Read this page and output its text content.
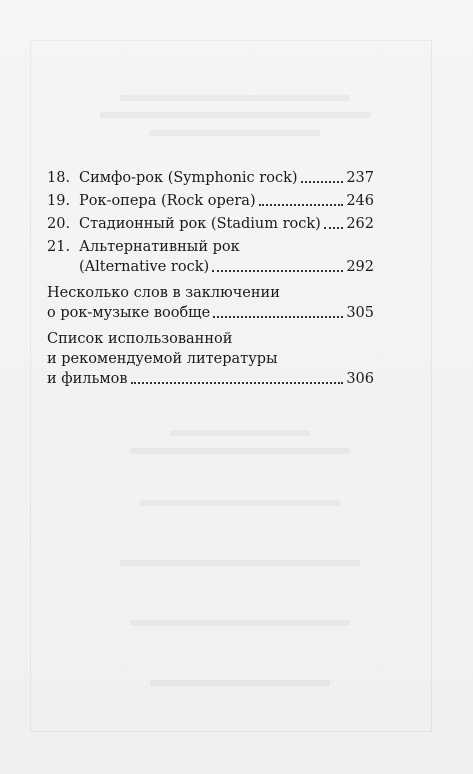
18. Симфо-рок (Symphonic rock)	237
19. Рок-опера (Rock opera)	246
20. Стадионный рок (Stadium rock) 262
21. Альтернативный рок
(Alternative rock)	292
Несколько слов в заключении
о рок-музыке вообще	305
Список использованной
и рекомендуемой литературы
и фильмов	306
